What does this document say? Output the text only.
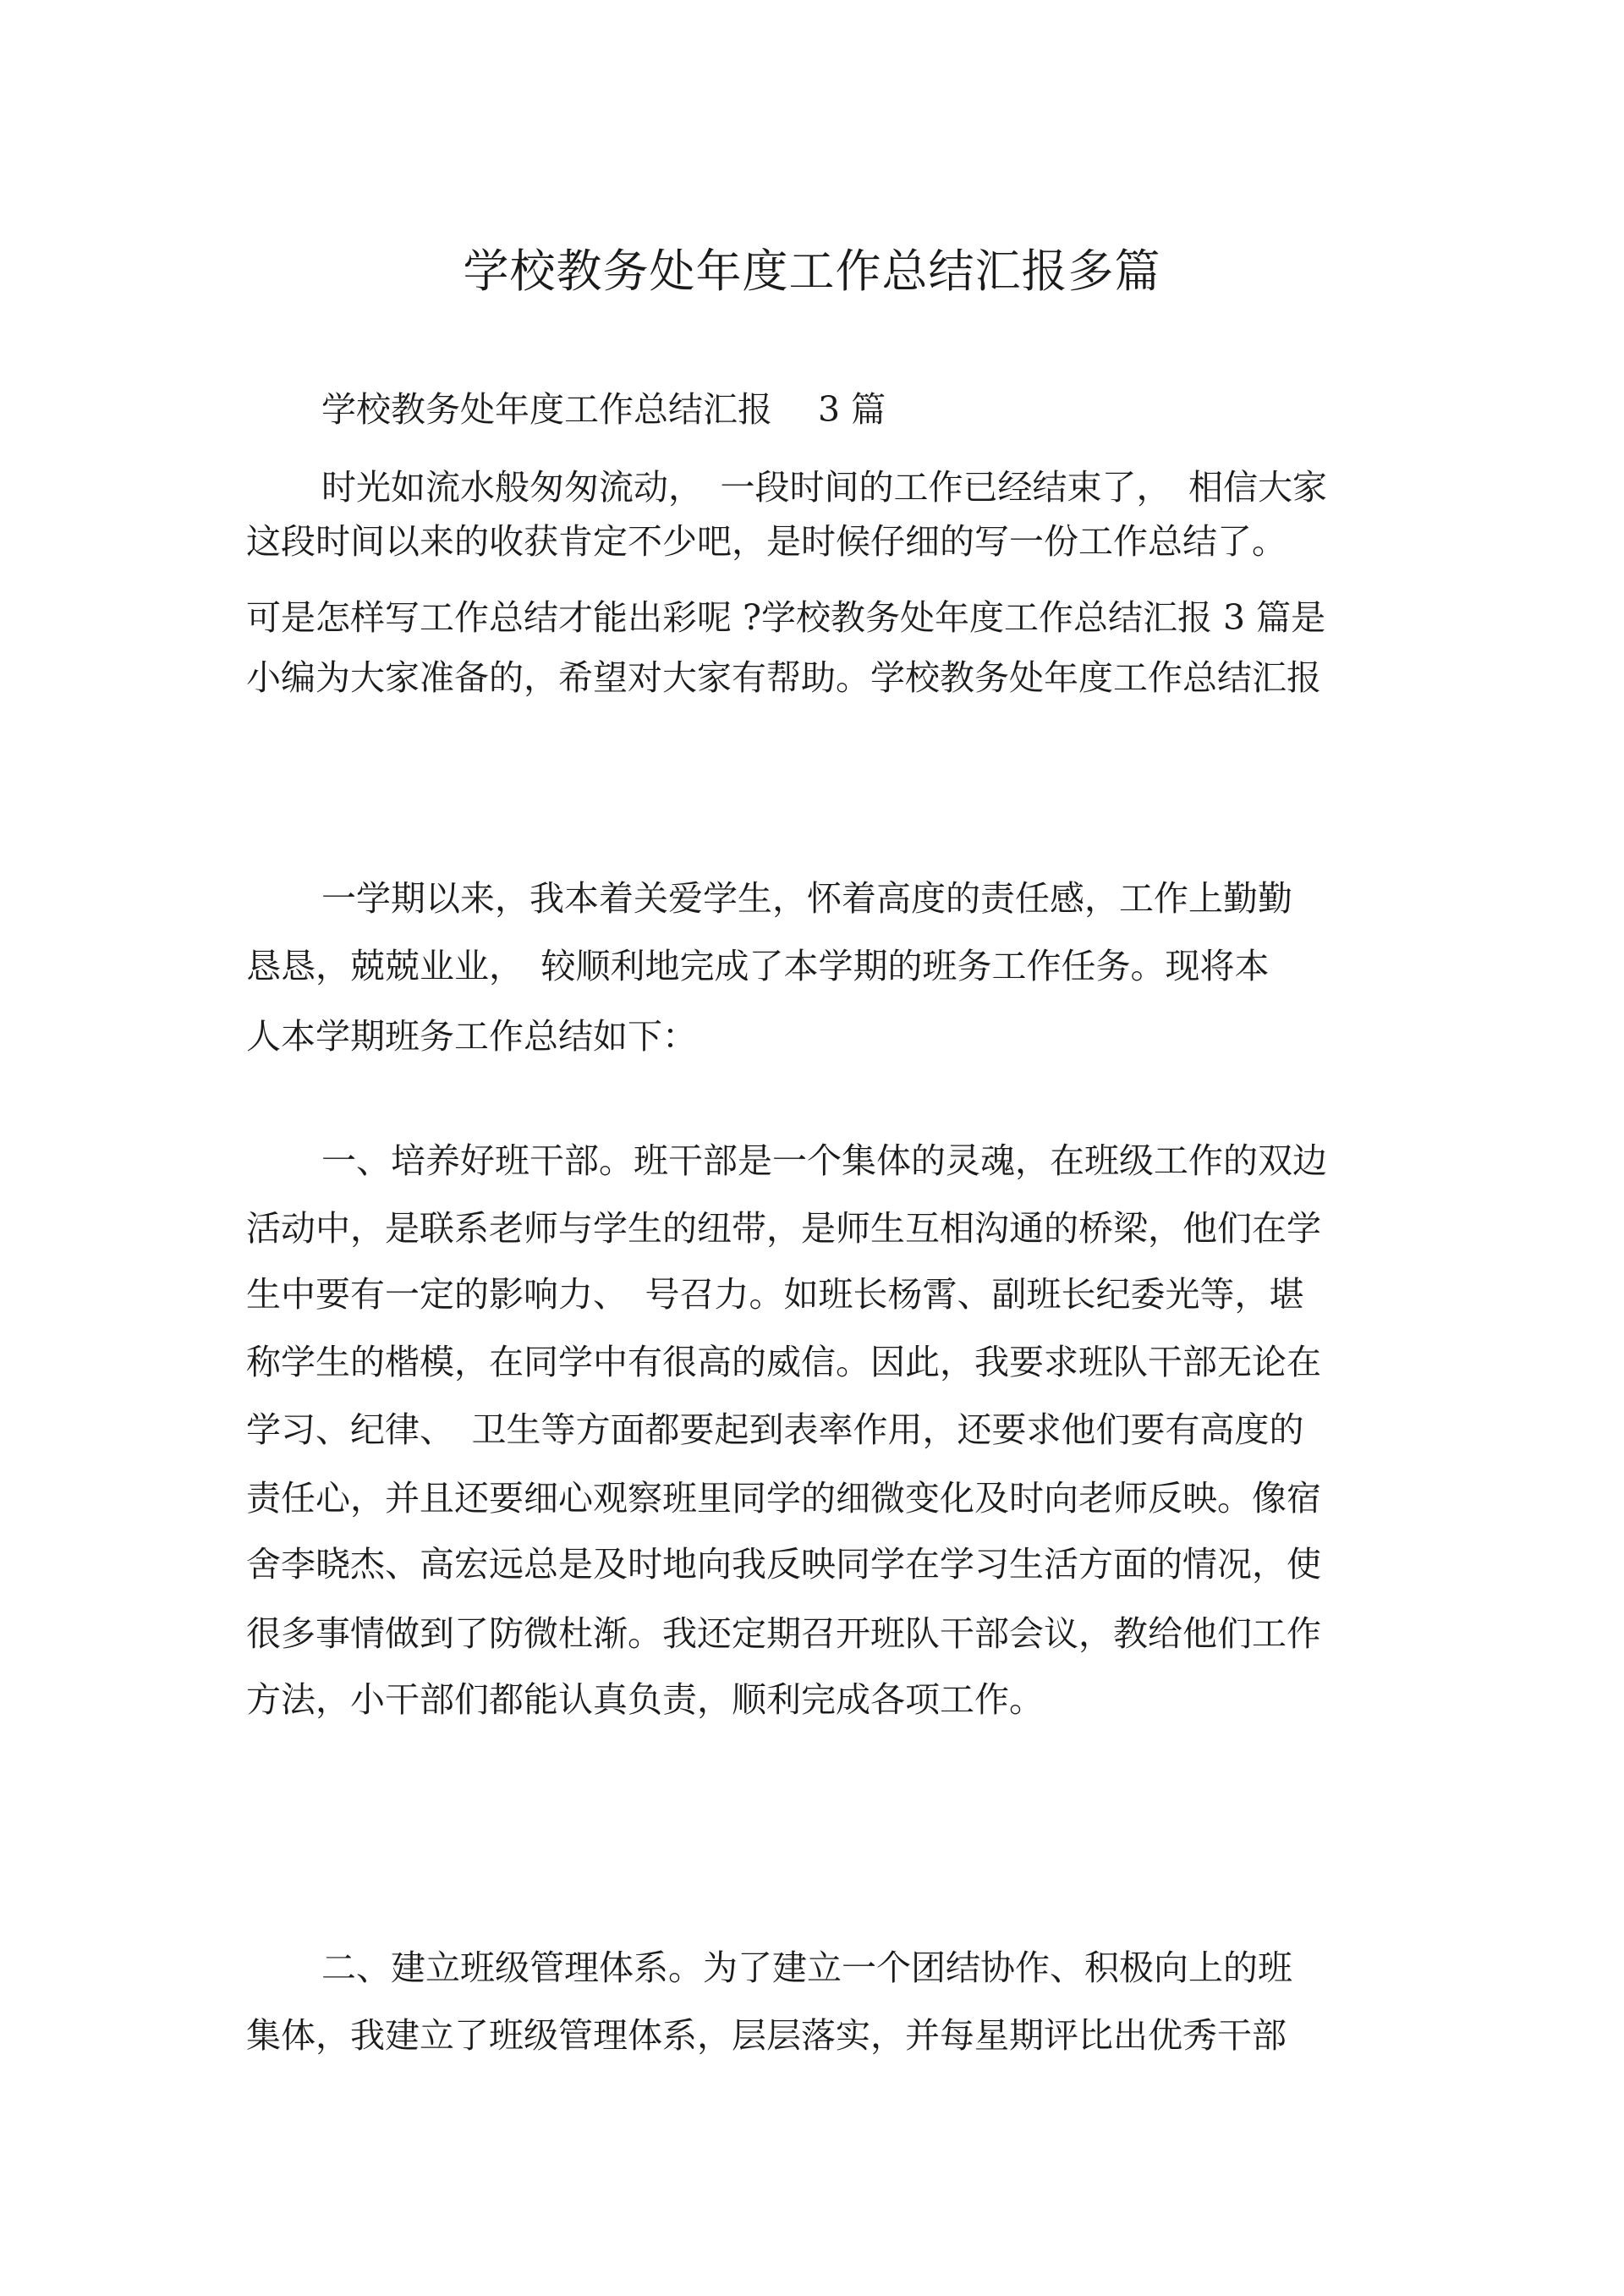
学校教务处年度工作总结汇报多篇

学校教务处年度工作总结汇报　 3 篇

时光如流水般匆匆流动，　一段时间的工作已经结束了，　相信大家

这段时间以来的收获肯定不少吧，是时候仔细的写一份工作总结了。

可是怎样写工作总结才能出彩呢 ?学校教务处年度工作总结汇报 3 篇是

小编为大家准备的，希望对大家有帮助。学校教务处年度工作总结汇报

一学期以来，我本着关爱学生，怀着高度的责任感，工作上勤勤

恳恳，兢兢业业，　较顺利地完成了本学期的班务工作任务。现将本

人本学期班务工作总结如下：

一、培养好班干部。班干部是一个集体的灵魂，在班级工作的双边

活动中，是联系老师与学生的纽带，是师生互相沟通的桥梁，他们在学

生中要有一定的影响力、　号召力。如班长杨霄、副班长纪委光等，堪

称学生的楷模，在同学中有很高的威信。因此，我要求班队干部无论在

学习、纪律、　卫生等方面都要起到表率作用，还要求他们要有高度的

责任心，并且还要细心观察班里同学的细微变化及时向老师反映。像宿

舍李晓杰、高宏远总是及时地向我反映同学在学习生活方面的情况，使

很多事情做到了防微杜渐。我还定期召开班队干部会议，教给他们工作

方法，小干部们都能认真负责，顺利完成各项工作。

二、建立班级管理体系。为了建立一个团结协作、积极向上的班

集体，我建立了班级管理体系，层层落实，并每星期评比出优秀干部
